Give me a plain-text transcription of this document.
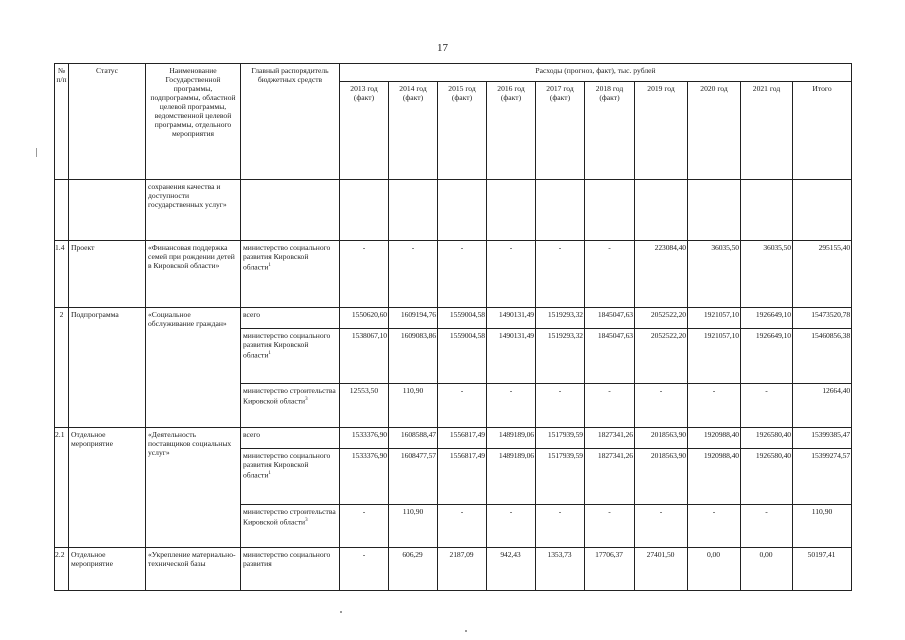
17
№ п/п	Статус	Наименование Государственной программы, подпрограммы, областной целевой программы, ведомственной целевой программы, отдельного мероприятия	Главный распорядитель бюджетных средств	Расходы (прогноз, факт), тыс. рублей									
				2013 год (факт)	2014 год (факт)	2015 год (факт)	2016 год (факт)	2017 год (факт)	2018 год (факт)	2019 год	2020 год	2021 год	Итого
		сохранения качества и доступности государственных услуг»											
1.4	Проект	«Финансовая поддержка семей при рождении детей в Кировской области»	министерство социального развития Кировской области$^1$	-	-	-	-	-	-	223084,40	36035,50	36035,50	295155,40
2	Подпрограмма	«Социальное обслуживание граждан»	всего	1550620,60	1609194,76	1559004,58	1490131,49	1519293,32	1845047,63	2052522,20	1921057,10	1926649,10	15473520,78
			министерство социального развития Кировской области$^1$	1538067,10	1609083,86	1559004,58	1490131,49	1519293,32	1845047,63	2052522,20	1921057,10	1926649,10	15460856,38
			министерство строительства Кировской области$^3$	12553,50	110,90	-	-	-	-	-	-	-	12664,40
2.1	Отдельное мероприятие	«Деятельность поставщиков социальных услуг»	всего	1533376,90	1608588,47	1556817,49	1489189,06	1517939,59	1827341,26	2018563,90	1920988,40	1926580,40	15399385,47
			министерство социального развития Кировской области$^1$	1533376,90	1608477,57	1556817,49	1489189,06	1517939,59	1827341,26	2018563,90	1920988,40	1926580,40	15399274,57
			министерство строительства Кировской области$^3$	-	110,90	-	-	-	-	-	-	-	110,90
2.2	Отдельное мероприятие	«Укрепление материально-технической базы	министерство социального развития	-	606,29	2187,09	942,43	1353,73	17706,37	27401,50	0,00	0,00	50197,41
